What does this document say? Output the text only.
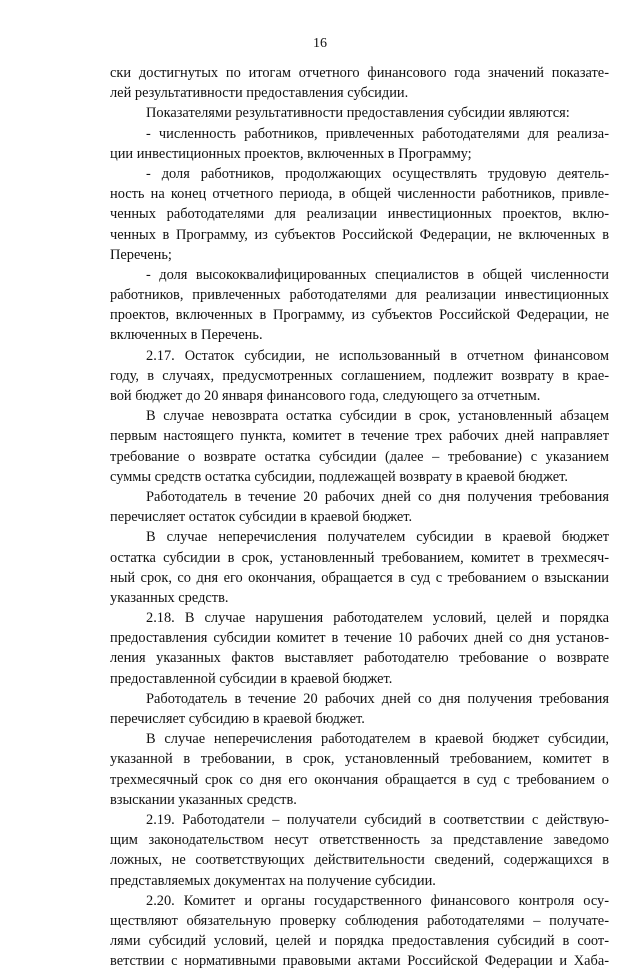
16
ски достигнутых по итогам отчетного финансового года значений показате-
лей результативности предоставления субсидии.
Показателями результативности предоставления субсидии являются:
- численность работников, привлеченных работодателями для реализа-
ции инвестиционных проектов, включенных в Программу;
- доля работников, продолжающих осуществлять трудовую деятель-
ность на конец отчетного периода, в общей численности работников, привле-
ченных работодателями для реализации инвестиционных проектов, вклю-
ченных в Программу, из субъектов Российской Федерации, не включенных в
Перечень;
- доля высококвалифицированных специалистов в общей численности
работников, привлеченных работодателями для реализации инвестиционных
проектов, включенных в Программу, из субъектов Российской Федерации, не
включенных в Перечень.
2.17. Остаток субсидии, не использованный в отчетном финансовом
году, в случаях, предусмотренных соглашением, подлежит возврату в крае-
вой бюджет до 20 января финансового года, следующего за отчетным.
В случае невозврата остатка субсидии в срок, установленный абзацем
первым настоящего пункта, комитет в течение трех рабочих дней направляет
требование о возврате остатка субсидии (далее – требование) с указанием
суммы средств остатка субсидии, подлежащей возврату в краевой бюджет.
Работодатель в течение 20 рабочих дней со дня получения требования
перечисляет остаток субсидии в краевой бюджет.
В случае неперечисления получателем субсидии в краевой бюджет
остатка субсидии в срок, установленный требованием, комитет в трехмесяч-
ный срок, со дня его окончания, обращается в суд с требованием о взыскании
указанных средств.
2.18. В случае нарушения работодателем условий, целей и порядка
предоставления субсидии комитет в течение 10 рабочих дней со дня установ-
ления указанных фактов выставляет работодателю требование о возврате
предоставленной субсидии в краевой бюджет.
Работодатель в течение 20 рабочих дней со дня получения требования
перечисляет субсидию в краевой бюджет.
В случае неперечисления работодателем в краевой бюджет субсидии,
указанной в требовании, в срок, установленный требованием, комитет в
трехмесячный срок со дня его окончания обращается в суд с требованием о
взыскании указанных средств.
2.19. Работодатели – получатели субсидий в соответствии с действую-
щим законодательством несут ответственность за представление заведомо
ложных, не соответствующих действительности сведений, содержащихся в
представляемых документах на получение субсидии.
2.20. Комитет и органы государственного финансового контроля осу-
ществляют обязательную проверку соблюдения работодателями – получате-
лями субсидий условий, целей и порядка предоставления субсидий в соот-
ветствии с нормативными правовыми актами Российской Федерации и Хаба-
